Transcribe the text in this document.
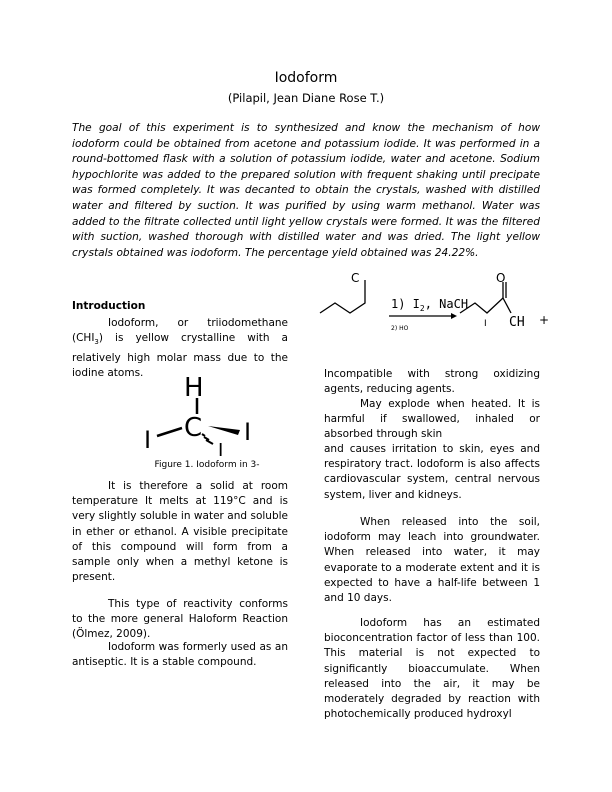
Iodoform
(Pilapil, Jean Diane Rose T.)

The goal of this experiment is to synthesized and know the mechanism of how iodoform could be obtained from acetone and potassium iodide. It was performed in a round-bottomed flask with a solution of potassium iodide, water and acetone. Sodium hypochlorite was added to the prepared solution with frequent shaking until precipate was formed completely. It was decanted to obtain the crystals, washed with distilled water and filtered by suction. It was purified by using warm methanol. Water was added to the filtrate collected until light yellow crystals were formed. It was the filtered with suction, washed thorough with distilled water and was dried. The light yellow crystals obtained was iodoform. The percentage yield obtained was 24.22%.

C
1) $I_2$, NaCH
2) HO
O
I CH +

Introduction

Iodoform, or triiodomethane $(CHI_3)$ is yellow crystalline with a relatively high molar mass due to the iodine atoms.

H
C
I	I
I

Figure 1. Iodoform in 3-

It is therefore a solid at room temperature It melts at 119°C and is very slightly soluble in water and soluble in ether or ethanol. A visible precipitate of this compound will form from a sample only when a methyl ketone is present.

This type of reactivity conforms to the more general Haloform Reaction (Ölmez, 2009).

Iodoform was formerly used as an antiseptic. It is a stable compound.

Incompatible with strong oxidizing agents, reducing agents.

May explode when heated. It is harmful if swallowed, inhaled or absorbed through skin

and causes irritation to skin, eyes and respiratory tract. Iodoform is also affects cardiovascular system, central nervous system, liver and kidneys.

When released into the soil, iodoform may leach into groundwater. When released into water, it may evaporate to a moderate extent and it is expected to have a half-life between 1 and 10 days.

Iodoform has an estimated bioconcentration factor of less than 100. This material is not expected to significantly bioaccumulate. When released into the air, it may be moderately degraded by reaction with photochemically produced hydroxyl
